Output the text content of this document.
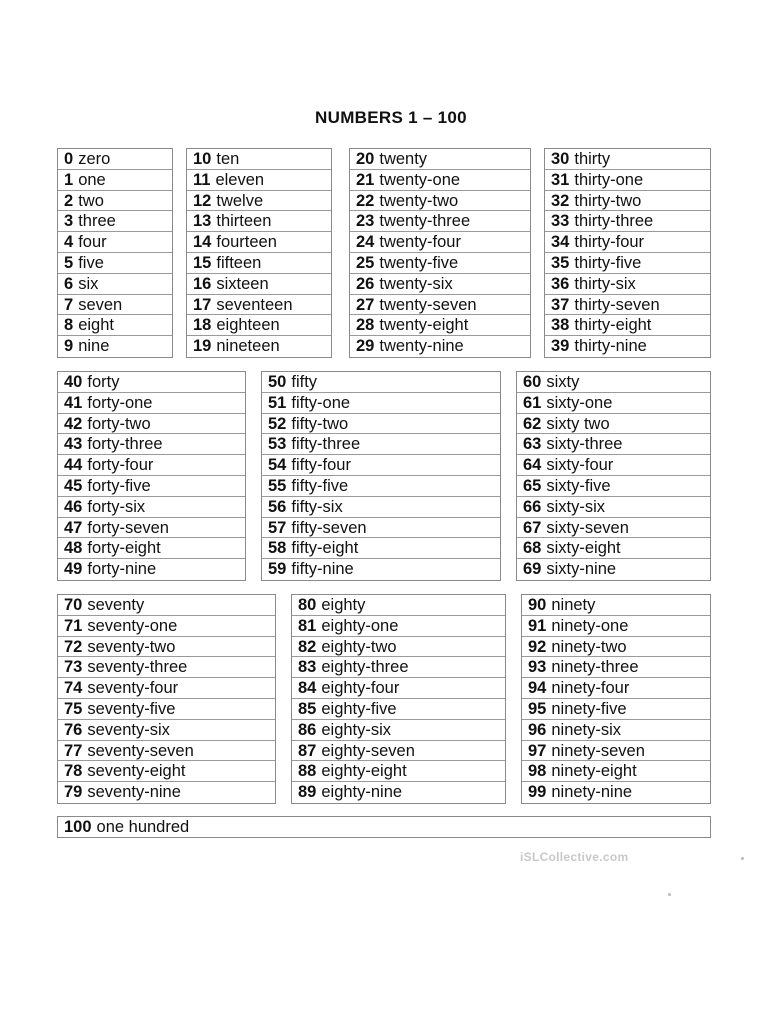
NUMBERS 1 – 100
0 zero
1 one
2 two
3 three
4 four
5 five
6 six
7 seven
8 eight
9 nine
10 ten
11 eleven
12 twelve
13 thirteen
14 fourteen
15 fifteen
16 sixteen
17 seventeen
18 eighteen
19 nineteen
20 twenty
21 twenty-one
22 twenty-two
23 twenty-three
24 twenty-four
25 twenty-five
26 twenty-six
27 twenty-seven
28 twenty-eight
29 twenty-nine
30 thirty
31 thirty-one
32 thirty-two
33 thirty-three
34 thirty-four
35 thirty-five
36 thirty-six
37 thirty-seven
38 thirty-eight
39 thirty-nine
40 forty
41 forty-one
42 forty-two
43 forty-three
44 forty-four
45 forty-five
46 forty-six
47 forty-seven
48 forty-eight
49 forty-nine
50 fifty
51 fifty-one
52 fifty-two
53 fifty-three
54 fifty-four
55 fifty-five
56 fifty-six
57 fifty-seven
58 fifty-eight
59 fifty-nine
60 sixty
61 sixty-one
62 sixty two
63 sixty-three
64 sixty-four
65 sixty-five
66 sixty-six
67 sixty-seven
68 sixty-eight
69 sixty-nine
70 seventy
71 seventy-one
72 seventy-two
73 seventy-three
74 seventy-four
75 seventy-five
76 seventy-six
77 seventy-seven
78 seventy-eight
79 seventy-nine
80 eighty
81 eighty-one
82 eighty-two
83 eighty-three
84 eighty-four
85 eighty-five
86 eighty-six
87 eighty-seven
88 eighty-eight
89 eighty-nine
90 ninety
91 ninety-one
92 ninety-two
93 ninety-three
94 ninety-four
95 ninety-five
96 ninety-six
97 ninety-seven
98 ninety-eight
99 ninety-nine
100 one hundred
iSLCollective.com
